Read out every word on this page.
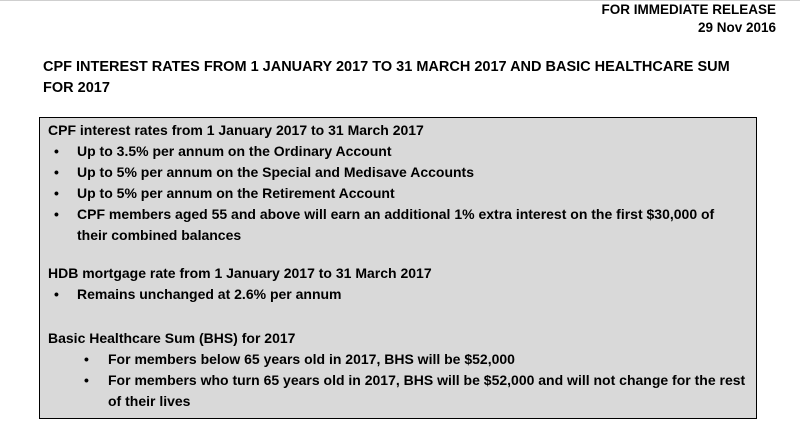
FOR IMMEDIATE RELEASE
29 Nov 2016
CPF INTEREST RATES FROM 1 JANUARY 2017 TO 31 MARCH 2017 AND BASIC HEALTHCARE SUM FOR 2017

CPF interest rates from 1 January 2017 to 31 March 2017

• Up to 3.5% per annum on the Ordinary Account
• Up to 5% per annum on the Special and Medisave Accounts
• Up to 5% per annum on the Retirement Account
• CPF members aged 55 and above will earn an additional 1% extra interest on the first $30,000 of their combined balances

HDB mortgage rate from 1 January 2017 to 31 March 2017

• Remains unchanged at 2.6% per annum

Basic Healthcare Sum (BHS) for 2017

• For members below 65 years old in 2017, BHS will be $52,000
• For members who turn 65 years old in 2017, BHS will be $52,000 and will not change for the rest of their lives
